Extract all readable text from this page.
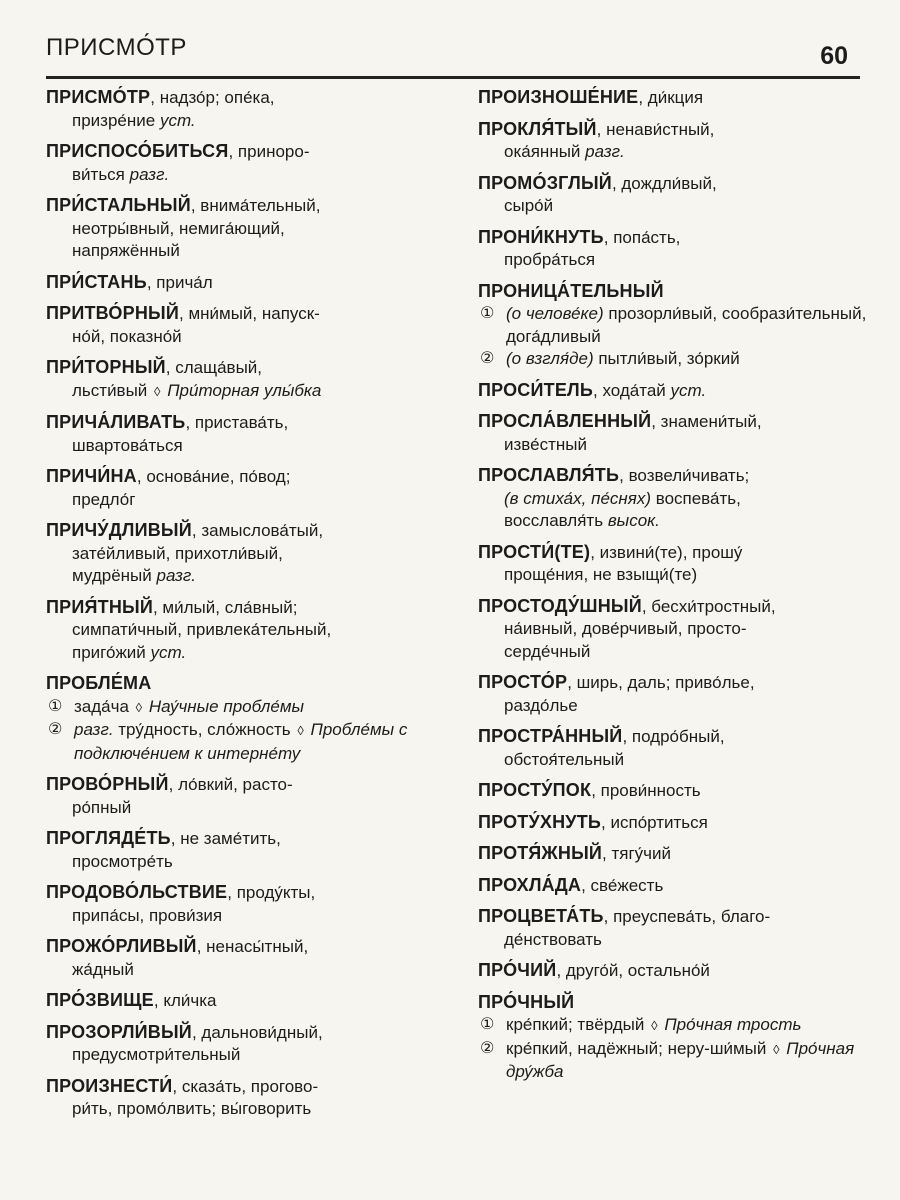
ПРИСМО́ТР	60
ПРИСМО́ТР, надзо́р; опе́ка,
призре́ние уст.
ПРИСПОСО́БИТЬСЯ, принорo-
ви́ться разг.
ПРИ́СТАЛЬНЫЙ, внима́тельный,
неотры́вный, немига́ющий,
напряжённый
ПРИ́СТАНЬ, прича́л
ПРИТВО́РНЫЙ, мни́мый, напуск-
но́й, показно́й
ПРИ́ТОРНЫЙ, слаща́вый,
льсти́вый ◊ При́торная улы́бка
ПРИЧА́ЛИВАТЬ, пристава́ть,
швартова́ться
ПРИЧИ́НА, основа́ние, по́вод;
предло́г
ПРИЧУ́ДЛИВЫЙ, замыслова́тый,
зате́йливый, прихотли́вый,
мудрёный разг.
ПРИЯ́ТНЫЙ, ми́лый, сла́вный;
симпати́чный, привлека́тельный,
приго́жий уст.
ПРОБЛЕ́МА
① зада́ча ◊ Нау́чные пробле́мы
② разг. тру́дность, сло́жность ◊ Пробле́мы с подключе́нием к интерне́ту
ПРОВО́РНЫЙ, ло́вкий, расто-
ро́пный
ПРОГЛЯДЕ́ТЬ, не заме́тить,
просмотре́ть
ПРОДОВО́ЛЬСТВИЕ, проду́кты,
припа́сы, прови́зия
ПРОЖО́РЛИВЫЙ, ненасы́тный,
жа́дный
ПРО́ЗВИЩЕ, кли́чка
ПРОЗОРЛИ́ВЫЙ, дальнови́дный,
предусмотри́тельный
ПРОИЗНЕСТИ́, сказа́ть, прогово-
ри́ть, промо́лвить; вы́говорить
ПРОИЗНОШЕ́НИЕ, ди́кция
ПРОКЛЯ́ТЫЙ, ненави́стный,
ока́янный разг.
ПРОМО́ЗГЛЫЙ, дождли́вый,
сыро́й
ПРОНИ́КНУТЬ, попа́сть,
пробра́ться
ПРОНИЦА́ТЕЛЬНЫЙ
① (о челове́ке) прозорли́вый, сообрази́тельный, дога́дливый
② (о взгля́де) пытли́вый, зо́ркий
ПРОСИ́ТЕЛЬ, хода́тай уст.
ПРОСЛА́ВЛЕННЫЙ, знамени́тый,
изве́стный
ПРОСЛАВЛЯ́ТЬ, возвели́чивать;
(в стиха́х, пе́снях) воспева́ть,
восславля́ть высок.
ПРОСТИ́(ТЕ), извини́(те), прошу́
проще́ния, не взыщи́(те)
ПРОСТОДУ́ШНЫЙ, бесхи́тростный,
на́ивный, дове́рчивый, просто-
серде́чный
ПРОСТО́Р, ширь, даль; приво́лье,
раздо́лье
ПРОСТРА́ННЫЙ, подро́бный,
обстоя́тельный
ПРОСТУ́ПОК, прови́нность
ПРОТУ́ХНУТЬ, испо́ртиться
ПРОТЯ́ЖНЫЙ, тягу́чий
ПРОХЛА́ДА, све́жесть
ПРОЦВЕТА́ТЬ, преуспева́ть, благо-
де́нствовать
ПРО́ЧИЙ, друго́й, остально́й
ПРО́ЧНЫЙ
① кре́пкий; твёрдый ◊ Про́чная трость
② кре́пкий, надёжный; неру-ши́мый ◊ Про́чная дру́жба
